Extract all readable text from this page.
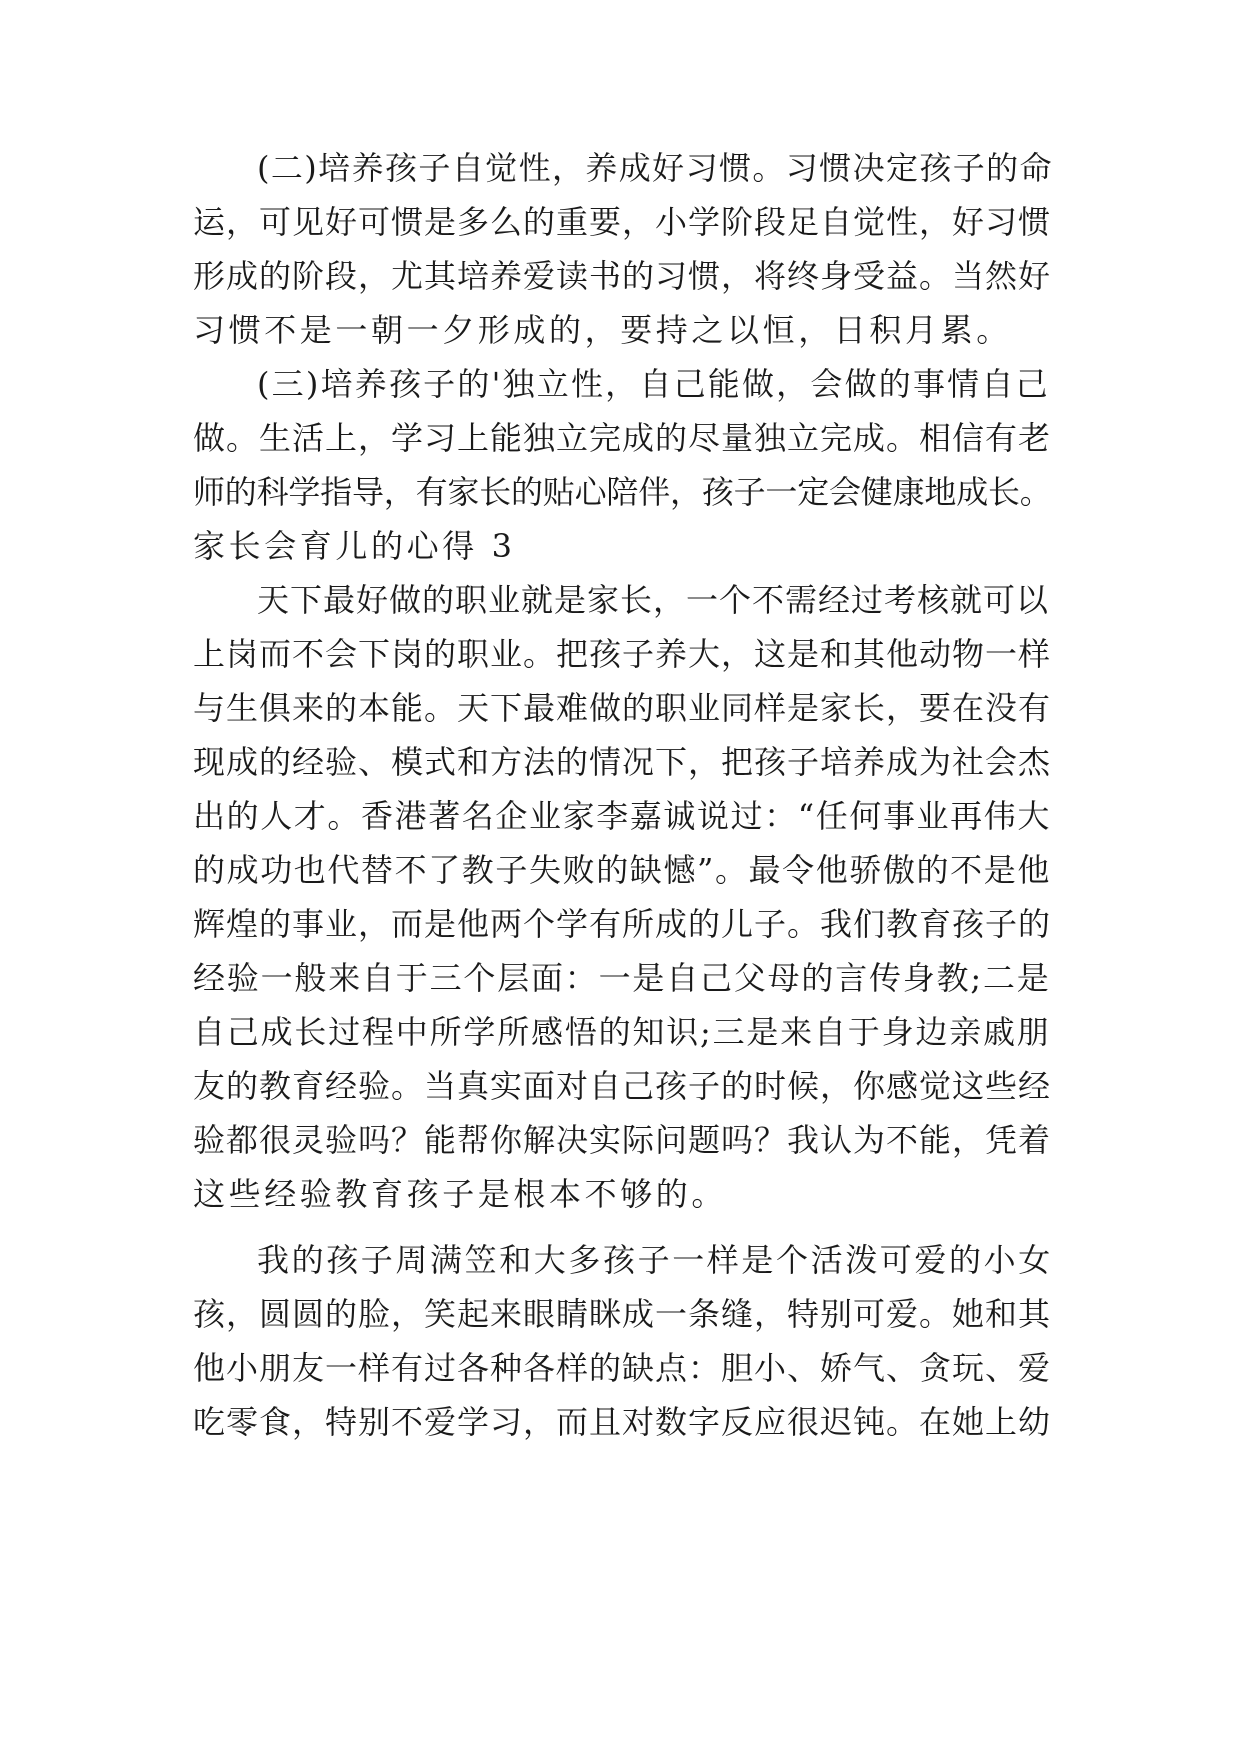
(二)培养孩子自觉性，养成好习惯。习惯决定孩子的命
运，可见好可惯是多么的重要，小学阶段足自觉性，好习惯
形成的阶段，尤其培养爱读书的习惯，将终身受益。当然好
习惯不是一朝一夕形成的，要持之以恒，日积月累。
(三)培养孩子的'独立性，自己能做，会做的事情自己
做。生活上，学习上能独立完成的尽量独立完成。相信有老
师的科学指导，有家长的贴心陪伴，孩子一定会健康地成长。
家长会育儿的心得 3
天下最好做的职业就是家长，一个不需经过考核就可以
上岗而不会下岗的职业。把孩子养大，这是和其他动物一样
与生俱来的本能。天下最难做的职业同样是家长，要在没有
现成的经验、模式和方法的情况下，把孩子培养成为社会杰
出的人才。香港著名企业家李嘉诚说过：“任何事业再伟大
的成功也代替不了教子失败的缺憾”。最令他骄傲的不是他
辉煌的事业，而是他两个学有所成的儿子。我们教育孩子的
经验一般来自于三个层面：一是自己父母的言传身教;二是
自己成长过程中所学所感悟的知识;三是来自于身边亲戚朋
友的教育经验。当真实面对自己孩子的时候，你感觉这些经
验都很灵验吗？能帮你解决实际问题吗？我认为不能，凭着
这些经验教育孩子是根本不够的。
我的孩子周满笠和大多孩子一样是个活泼可爱的小女
孩，圆圆的脸，笑起来眼睛眯成一条缝，特别可爱。她和其
他小朋友一样有过各种各样的缺点：胆小、娇气、贪玩、爱
吃零食，特别不爱学习，而且对数字反应很迟钝。在她上幼
